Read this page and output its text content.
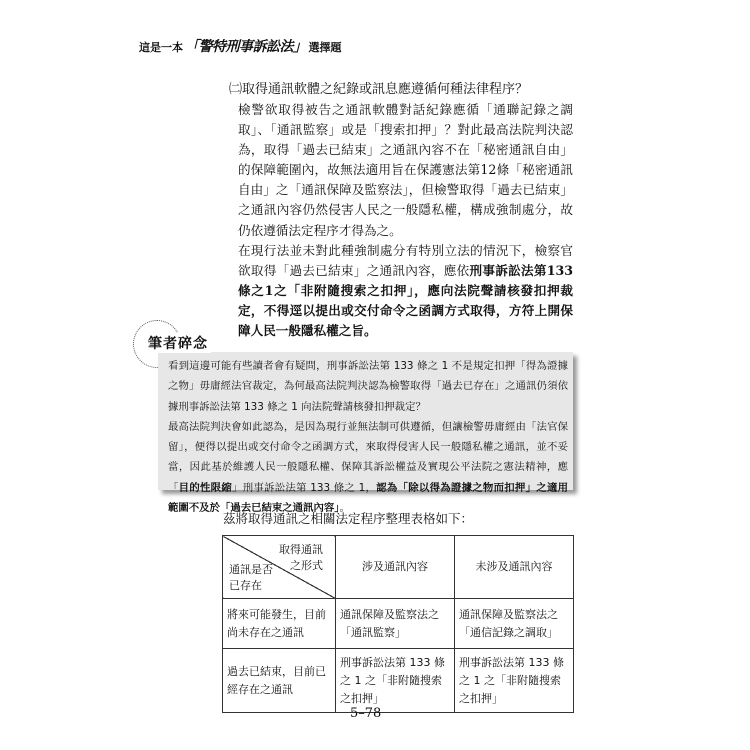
這是一本 「警特刑事訴訟法」 選擇題
㈡取得通訊軟體之紀錄或訊息應遵循何種法律程序？

檢警欲取得被告之通訊軟體對話紀錄應循「通聯記錄之調取」、「通訊監察」或是「搜索扣押」？對此最高法院判決認為，取得「過去已結束」之通訊內容不在「秘密通訊自由」的保障範圍內，故無法適用旨在保護憲法第12條「秘密通訊自由」之「通訊保障及監察法」，但檢警取得「過去已結束」之通訊內容仍然侵害人民之一般隱私權，構成強制處分，故仍依遵循法定程序才得為之。

在現行法並未對此種強制處分有特別立法的情況下，檢察官欲取得「過去已結束」之通訊內容，應依刑事訴訟法第133條之1之「非附隨搜索之扣押」，應向法院聲請核發扣押裁定，不得逕以提出或交付命令之函調方式取得，方符上開保障人民一般隱私權之旨。

筆者碎念

看到這邊可能有些讀者會有疑問，刑事訴訟法第 133 條之 1 不是規定扣押「得為證據之物」毋庸經法官裁定，為何最高法院判決認為檢警取得「過去已存在」之通訊仍須依據刑事訴訟法第 133 條之 1 向法院聲請核發扣押裁定？

最高法院判決會如此認為，是因為現行並無法制可供遵循，但讓檢警毋庸經由「法官保留」，便得以提出或交付命令之函調方式，來取得侵害人民一般隱私權之通訊，並不妥當，因此基於維護人民一般隱私權、保障其訴訟權益及實現公平法院之憲法精神，應「目的性限縮」刑事訴訟法第 133 條之 1，認為「除以得為證據之物而扣押」之適用範圍不及於「過去已結束之通訊內容」。

茲將取得通訊之相關法定程序整理表格如下：
取得通訊
之形式
通訊是否
已存在	涉及通訊內容	未涉及通訊內容
將來可能發生，目前尚未存在之通訊	通訊保障及監察法之「通訊監察」	通訊保障及監察法之「通信記錄之調取」
過去已結束，目前已經存在之通訊	刑事訴訟法第 133 條之 1 之「非附隨搜索之扣押」	刑事訴訟法第 133 條之 1 之「非附隨搜索之扣押」
5–78
